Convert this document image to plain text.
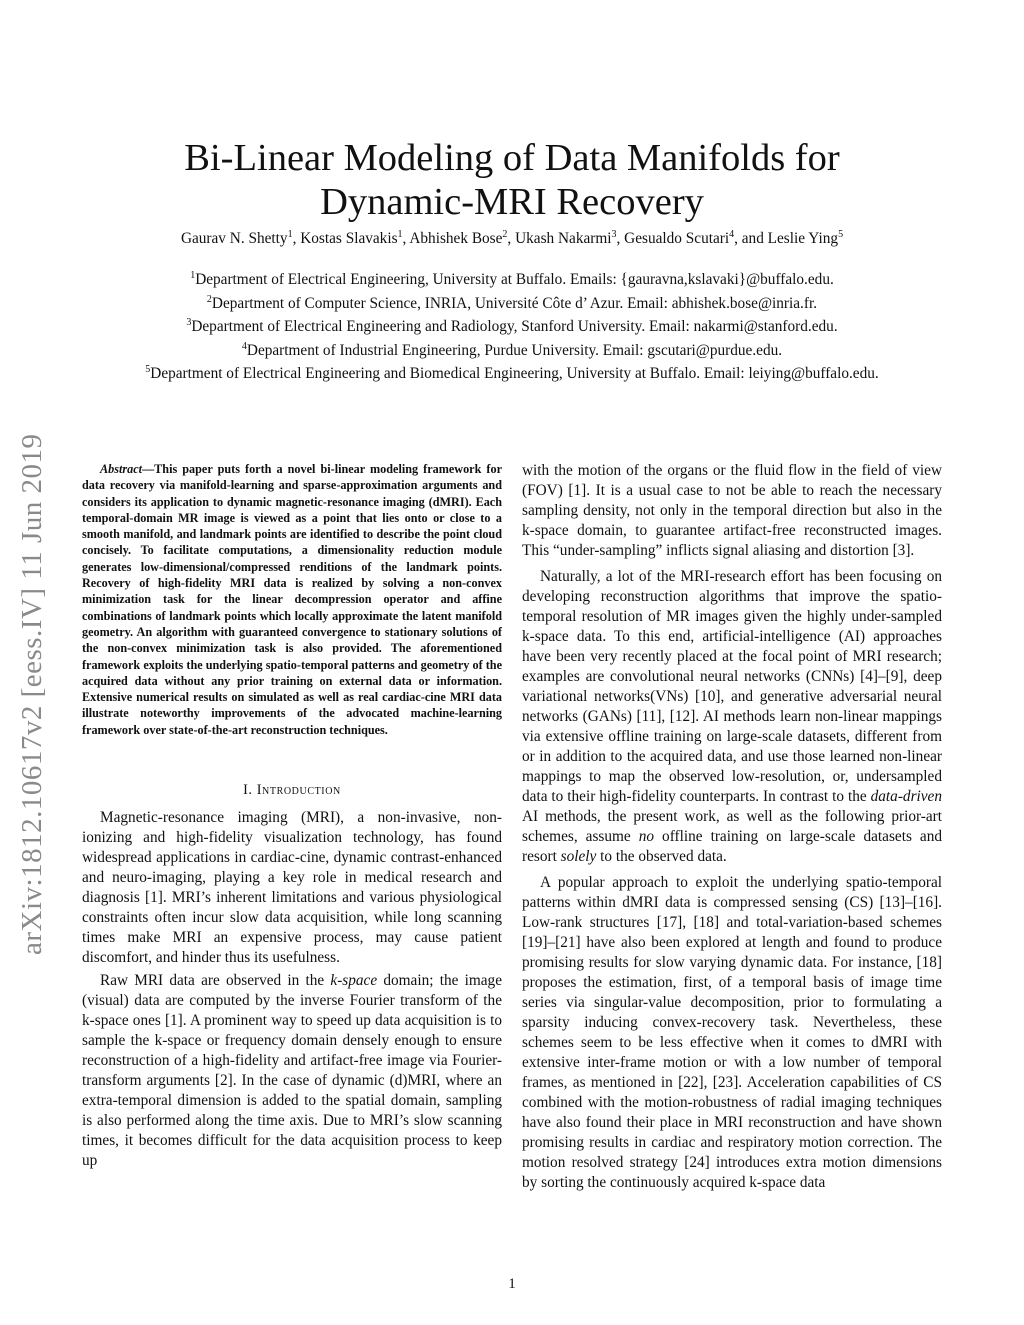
arXiv:1812.10617v2 [eess.IV] 11 Jun 2019
Bi-Linear Modeling of Data Manifolds for
Dynamic-MRI Recovery
Gaurav N. Shetty$^1$, Kostas Slavakis$^1$, Abhishek Bose$^2$, Ukash Nakarmi$^3$, Gesualdo Scutari$^4$, and Leslie Ying$^5$
$^1$Department of Electrical Engineering, University at Buffalo. Emails: {gauravna,kslavaki}@buffalo.edu.
$^2$Department of Computer Science, INRIA, Université Côte d’ Azur. Email: abhishek.bose@inria.fr.
$^3$Department of Electrical Engineering and Radiology, Stanford University. Email: nakarmi@stanford.edu.
$^4$Department of Industrial Engineering, Purdue University. Email: gscutari@purdue.edu.
$^5$Department of Electrical Engineering and Biomedical Engineering, University at Buffalo. Email: leiying@buffalo.edu.

Abstract—This paper puts forth a novel bi-linear modeling framework for data recovery via manifold-learning and sparse-approximation arguments and considers its application to dynamic magnetic-resonance imaging (dMRI). Each temporal-domain MR image is viewed as a point that lies onto or close to a smooth manifold, and landmark points are identified to describe the point cloud concisely. To facilitate computations, a dimensionality reduction module generates low-dimensional/compressed renditions of the landmark points. Recovery of high-fidelity MRI data is realized by solving a non-convex minimization task for the linear decompression operator and affine combinations of landmark points which locally approximate the latent manifold geometry. An algorithm with guaranteed convergence to stationary solutions of the non-convex minimization task is also provided. The aforementioned framework exploits the underlying spatio-temporal patterns and geometry of the acquired data without any prior training on external data or information. Extensive numerical results on simulated as well as real cardiac-cine MRI data illustrate noteworthy improvements of the advocated machine-learning framework over state-of-the-art reconstruction techniques.

I. Introduction

Magnetic-resonance imaging (MRI), a non-invasive, non-ionizing and high-fidelity visualization technology, has found widespread applications in cardiac-cine, dynamic contrast-enhanced and neuro-imaging, playing a key role in medical research and diagnosis [1]. MRI’s inherent limitations and various physiological constraints often incur slow data acquisition, while long scanning times make MRI an expensive process, may cause patient discomfort, and hinder thus its usefulness.

Raw MRI data are observed in the k-space domain; the image (visual) data are computed by the inverse Fourier transform of the k-space ones [1]. A prominent way to speed up data acquisition is to sample the k-space or frequency domain densely enough to ensure reconstruction of a high-fidelity and artifact-free image via Fourier-transform arguments [2]. In the case of dynamic (d)MRI, where an extra-temporal dimension is added to the spatial domain, sampling is also performed along the time axis. Due to MRI’s slow scanning times, it becomes difficult for the data acquisition process to keep up

with the motion of the organs or the fluid flow in the field of view (FOV) [1]. It is a usual case to not be able to reach the necessary sampling density, not only in the temporal direction but also in the k-space domain, to guarantee artifact-free reconstructed images. This “under-sampling” inflicts signal aliasing and distortion [3].

Naturally, a lot of the MRI-research effort has been focusing on developing reconstruction algorithms that improve the spatio-temporal resolution of MR images given the highly under-sampled k-space data. To this end, artificial-intelligence (AI) approaches have been very recently placed at the focal point of MRI research; examples are convolutional neural networks (CNNs) [4]–[9], deep variational networks(VNs) [10], and generative adversarial neural networks (GANs) [11], [12]. AI methods learn non-linear mappings via extensive offline training on large-scale datasets, different from or in addition to the acquired data, and use those learned non-linear mappings to map the observed low-resolution, or, undersampled data to their high-fidelity counterparts. In contrast to the data-driven AI methods, the present work, as well as the following prior-art schemes, assume no offline training on large-scale datasets and resort solely to the observed data.

A popular approach to exploit the underlying spatio-temporal patterns within dMRI data is compressed sensing (CS) [13]–[16]. Low-rank structures [17], [18] and total-variation-based schemes [19]–[21] have also been explored at length and found to produce promising results for slow varying dynamic data. For instance, [18] proposes the estimation, first, of a temporal basis of image time series via singular-value decomposition, prior to formulating a sparsity inducing convex-recovery task. Nevertheless, these schemes seem to be less effective when it comes to dMRI with extensive inter-frame motion or with a low number of temporal frames, as mentioned in [22], [23]. Acceleration capabilities of CS combined with the motion-robustness of radial imaging techniques have also found their place in MRI reconstruction and have shown promising results in cardiac and respiratory motion correction. The motion resolved strategy [24] introduces extra motion dimensions by sorting the continuously acquired k-space data

1
